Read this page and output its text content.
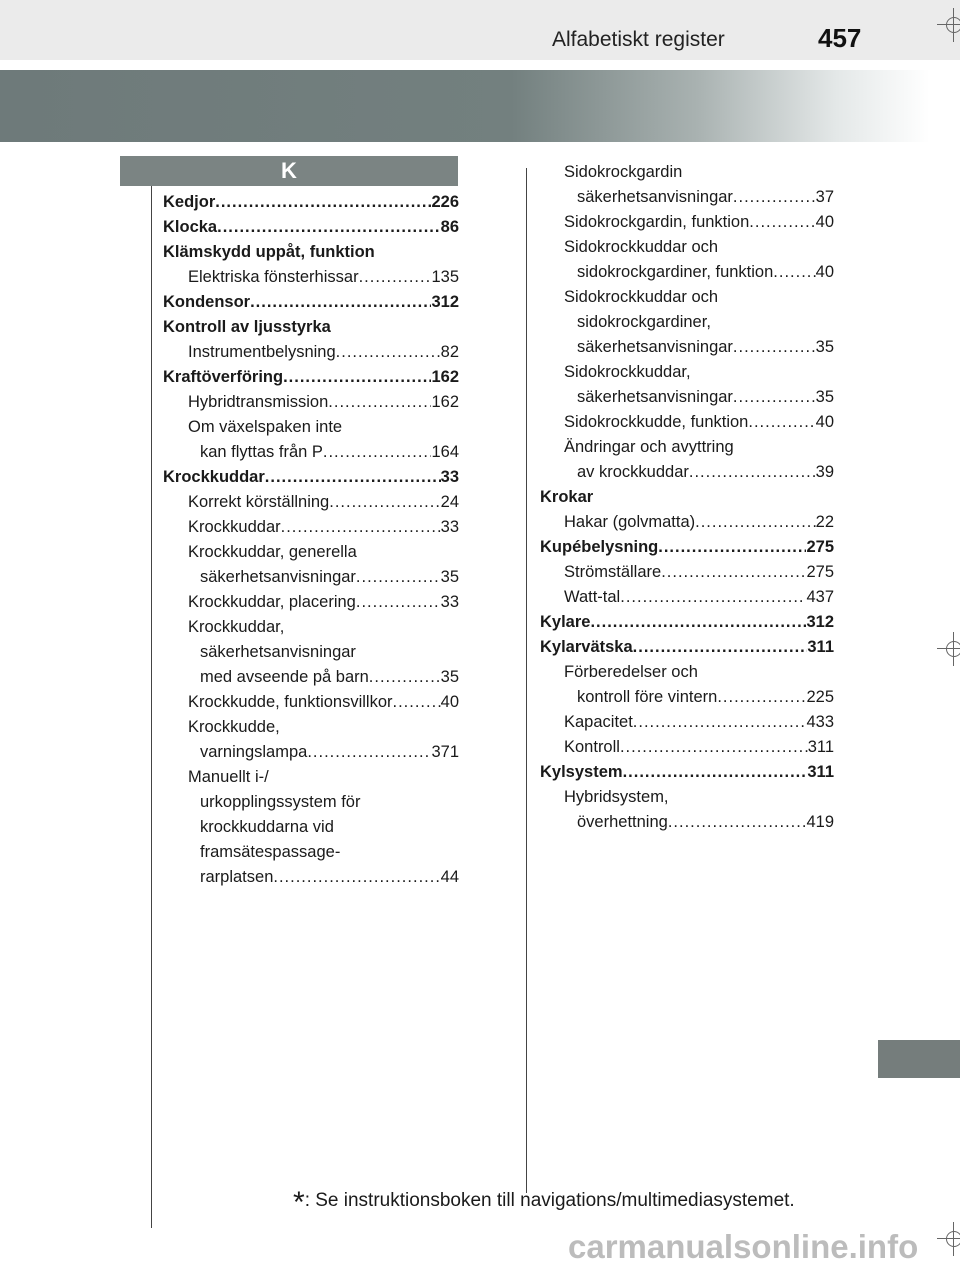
Alfabetiskt register	457
K
Kedjor .....	226
Klocka .....	86
Klämskydd uppåt, funktion
Elektriska fönsterhissar .....	135
Kondensor .....	312
Kontroll av ljusstyrka
Instrumentbelysning .....	82
Kraftöverföring .....	162
Hybridtransmission .....	162
Om växelspaken inte
kan flyttas från P .....	164
Krockkuddar .....	33
Korrekt körställning .....	24
Krockkuddar .....	33
Krockkuddar, generella
säkerhetsanvisningar .....	35
Krockkuddar, placering .....	33
Krockkuddar,
säkerhetsanvisningar
med avseende på barn .....	35
Krockkudde, funktionsvillkor .....	40
Krockkudde,
varningslampa .....	371
Manuellt i-/
urkopplingssystem för
krockkuddarna vid
framsätespassage-
rarplatsen .....	44
Sidokrockgardin
säkerhetsanvisningar .....	37
Sidokrockgardin, funktion .....	40
Sidokrockkuddar och
sidokrockgardiner, funktion .....	40
Sidokrockkuddar och
sidokrockgardiner,
säkerhetsanvisningar .....	35
Sidokrockkuddar,
säkerhetsanvisningar .....	35
Sidokrockkudde, funktion .....	40
Ändringar och avyttring
av krockkuddar .....	39
Krokar
Hakar (golvmatta) .....	22
Kupébelysning .....	275
Strömställare .....	275
Watt-tal .....	437
Kylare .....	312
Kylarvätska .....	311
Förberedelser och
kontroll före vintern .....	225
Kapacitet .....	433
Kontroll .....	311
Kylsystem .....	311
Hybridsystem,
överhettning .....	419
*: Se instruktionsboken till navigations/multimediasystemet.
carmanualsonline.info
